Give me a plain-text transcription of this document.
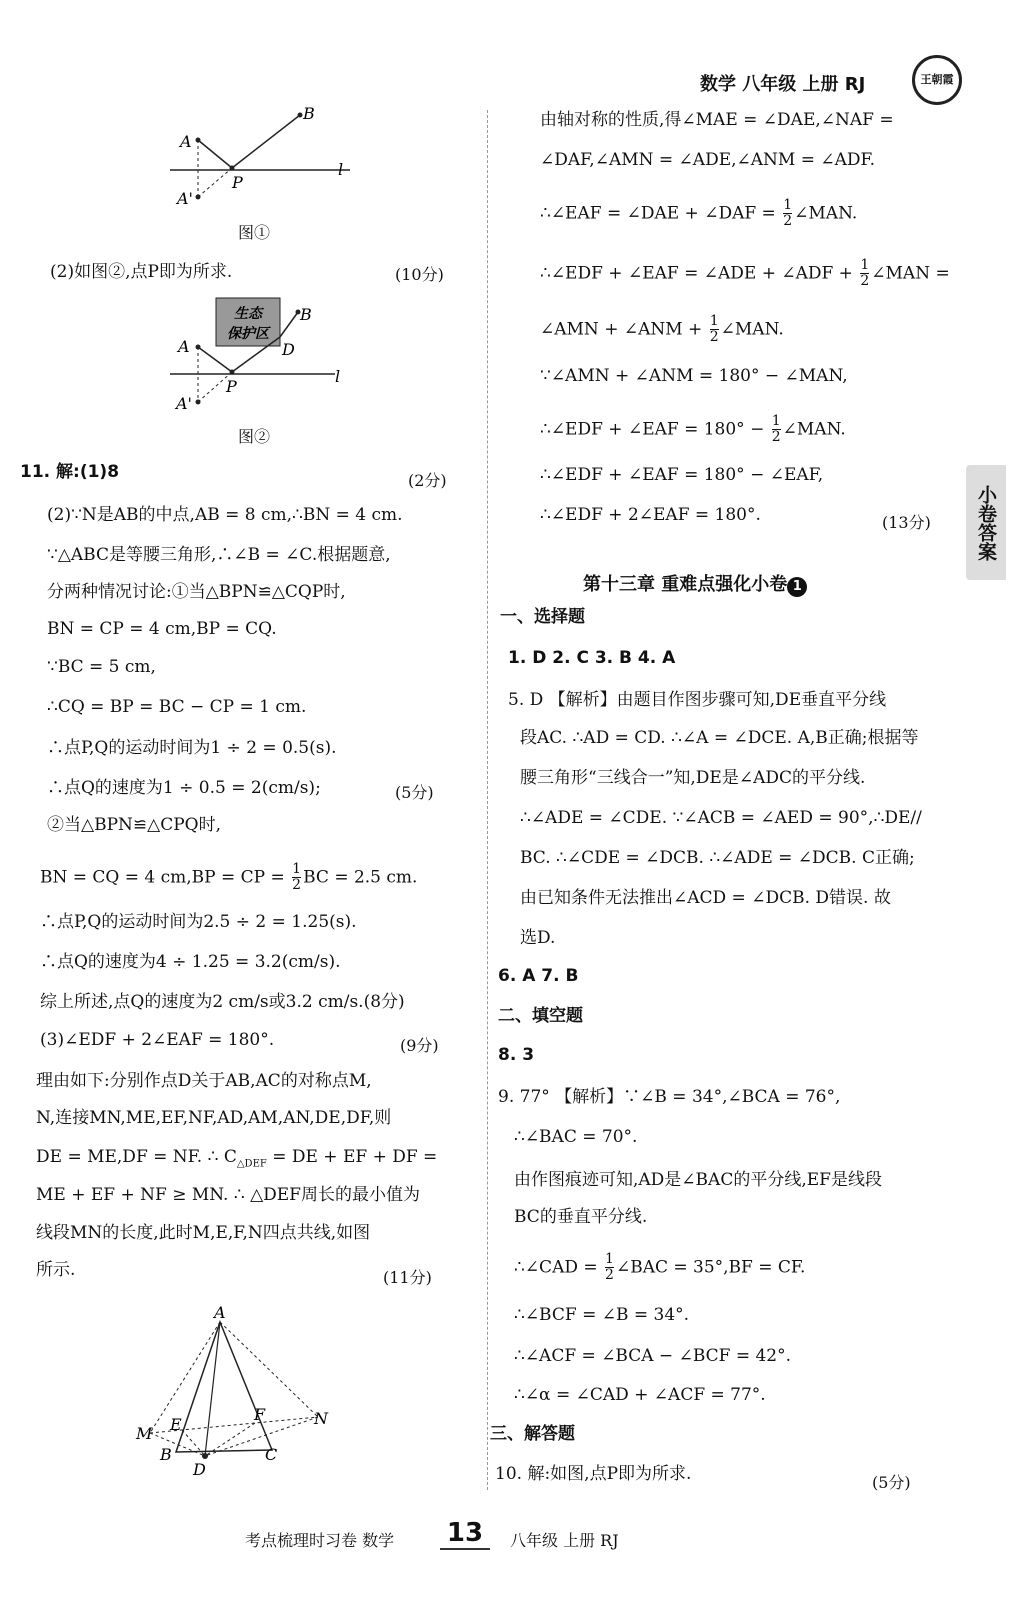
数学 八年级 上册 RJ	王朝霞
小卷答案
A
B
A'
P
l
图①
(2)如图②,点P即为所求.	(10分)
生态
保护区
A
B
A'
P
D
l
图②
11. 解:(1)8	(2分)
(2)∵N是AB的中点,AB = 8 cm,∴BN = 4 cm.
∵△ABC是等腰三角形,∴∠B = ∠C.根据题意,
分两种情况讨论:①当△BPN≌△CQP时,
BN = CP = 4 cm,BP = CQ.
∵BC = 5 cm,
∴CQ = BP = BC − CP = 1 cm.
∴点P,Q的运动时间为1 ÷ 2 = 0.5(s).
∴点Q的速度为1 ÷ 0.5 = 2(cm/s);	(5分)
②当△BPN≌△CPQ时,
BN = CQ = 4 cm,BP = CP = $\frac{1}{2}$ BC = 2.5 cm.
∴点P,Q的运动时间为2.5 ÷ 2 = 1.25(s).
∴点Q的速度为4 ÷ 1.25 = 3.2(cm/s).
综上所述,点Q的速度为2 cm/s或3.2 cm/s.(8分)
(3)∠EDF + 2∠EAF = 180°.	(9分)
理由如下:分别作点D关于AB,AC的对称点M,
N,连接MN,ME,EF,NF,AD,AM,AN,DE,DF,则
DE = ME,DF = NF. ∴ $C_{\triangle DEF}$ = DE + EF + DF =
ME + EF + NF ≥ MN. ∴ △DEF周长的最小值为
线段MN的长度,此时M,E,F,N四点共线,如图
所示.	(11分)
A
M E
F	N
B
D
C
由轴对称的性质,得∠MAE = ∠DAE,∠NAF =
∠DAF,∠AMN = ∠ADE,∠ANM = ∠ADF.
∴∠EAF = ∠DAE + ∠DAF = $\frac{1}{2}$ ∠MAN.
∴∠EDF + ∠EAF = ∠ADE + ∠ADF + $\frac{1}{2}$ ∠MAN =
∠AMN + ∠ANM + $\frac{1}{2}$ ∠MAN.
∵∠AMN + ∠ANM = 180° − ∠MAN,
∴∠EDF + ∠EAF = $180^\circ - \frac{1}{2}$ ∠MAN.
∴∠EDF + ∠EAF = 180° − ∠EAF,
∴∠EDF + 2∠EAF = 180°.	(13分)
第十三章 重难点强化小卷 1
一、选择题
1. D 2. C 3. B 4. A
5. D 【解析】由题目作图步骤可知,DE垂直平分线
段AC. ∴AD = CD. ∴∠A = ∠DCE. A,B正确;根据等
腰三角形“三线合一”知,DE是∠ADC的平分线.
∴∠ADE = ∠CDE. ∵∠ACB = ∠AED = 90°,∴DE//
BC. ∴∠CDE = ∠DCB. ∴∠ADE = ∠DCB. C正确;
由已知条件无法推出∠ACD = ∠DCB. D错误. 故
选D.
6. A 7. B
二、填空题
8. 3
9. 77° 【解析】∵∠B = 34°,∠BCA = 76°,
∴∠BAC = 70°.
由作图痕迹可知,AD是∠BAC的平分线,EF是线段
BC的垂直平分线.
∴∠CAD = $\frac{1}{2}$ ∠BAC = 35°,BF = CF.
∴∠BCF = ∠B = 34°.
∴∠ACF = ∠BCA − ∠BCF = 42°.
∴∠α = ∠CAD + ∠ACF = 77°.
三、解答题
10. 解:如图,点P即为所求.	(5分)
考点梳理时习卷 数学 13	八年级 上册 RJ
